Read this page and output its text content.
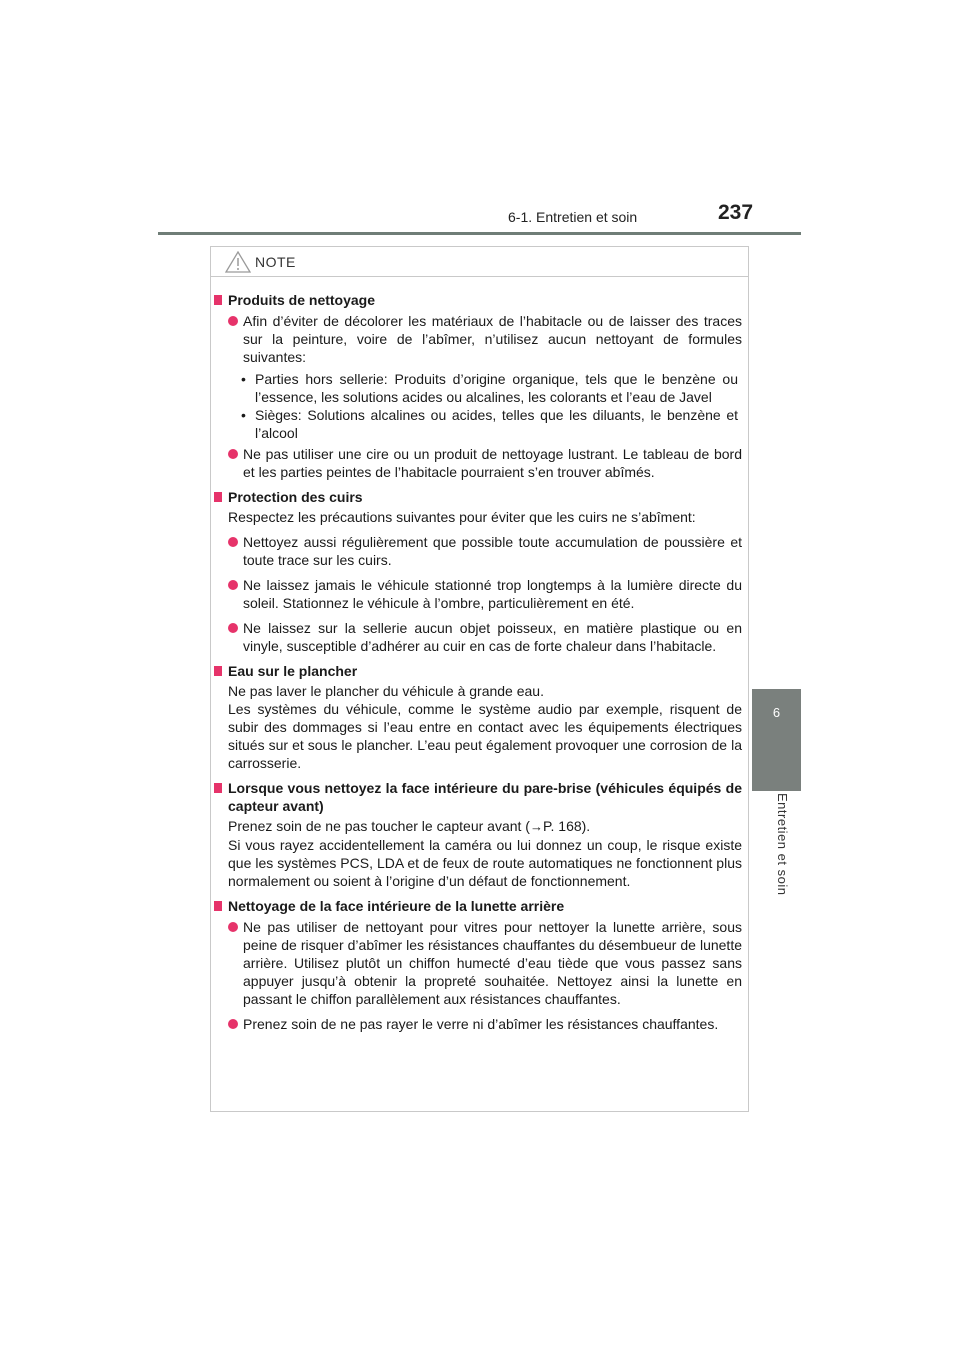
6-1. Entretien et soin	237
6
Entretien et soin
NOTE
Produits de nettoyage
Afin d’éviter de décolorer les matériaux de l’habitacle ou de laisser des traces sur la peinture, voire de l’abîmer, n’utilisez aucun nettoyant de formules suivantes:
• Parties hors sellerie: Produits d’origine organique, tels que le benzène ou l’essence, les solutions acides ou alcalines, les colorants et l’eau de Javel
• Sièges: Solutions alcalines ou acides, telles que les diluants, le benzène et l’alcool
Ne pas utiliser une cire ou un produit de nettoyage lustrant. Le tableau de bord et les parties peintes de l’habitacle pourraient s’en trouver abîmés.
Protection des cuirs
Respectez les précautions suivantes pour éviter que les cuirs ne s’abîment:
Nettoyez aussi régulièrement que possible toute accumulation de poussière et toute trace sur les cuirs.
Ne laissez jamais le véhicule stationné trop longtemps à la lumière directe du soleil. Stationnez le véhicule à l’ombre, particulièrement en été.
Ne laissez sur la sellerie aucun objet poisseux, en matière plastique ou en vinyle, susceptible d’adhérer au cuir en cas de forte chaleur dans l’habitacle.
Eau sur le plancher
Ne pas laver le plancher du véhicule à grande eau.
Les systèmes du véhicule, comme le système audio par exemple, risquent de subir des dommages si l’eau entre en contact avec les équipements électriques situés sur et sous le plancher. L’eau peut également provoquer une corrosion de la carrosserie.
Lorsque vous nettoyez la face intérieure du pare-brise (véhicules équipés de capteur avant)
Prenez soin de ne pas toucher le capteur avant (→P. 168).
Si vous rayez accidentellement la caméra ou lui donnez un coup, le risque existe que les systèmes PCS, LDA et de feux de route automatiques ne fonctionnent plus normalement ou soient à l’origine d’un défaut de fonctionnement.
Nettoyage de la face intérieure de la lunette arrière
Ne pas utiliser de nettoyant pour vitres pour nettoyer la lunette arrière, sous peine de risquer d’abîmer les résistances chauffantes du désembueur de lunette arrière. Utilisez plutôt un chiffon humecté d’eau tiède que vous passez sans appuyer jusqu’à obtenir la propreté souhaitée. Nettoyez ainsi la lunette en passant le chiffon parallèlement aux résistances chauffantes.
Prenez soin de ne pas rayer le verre ni d’abîmer les résistances chauffantes.
